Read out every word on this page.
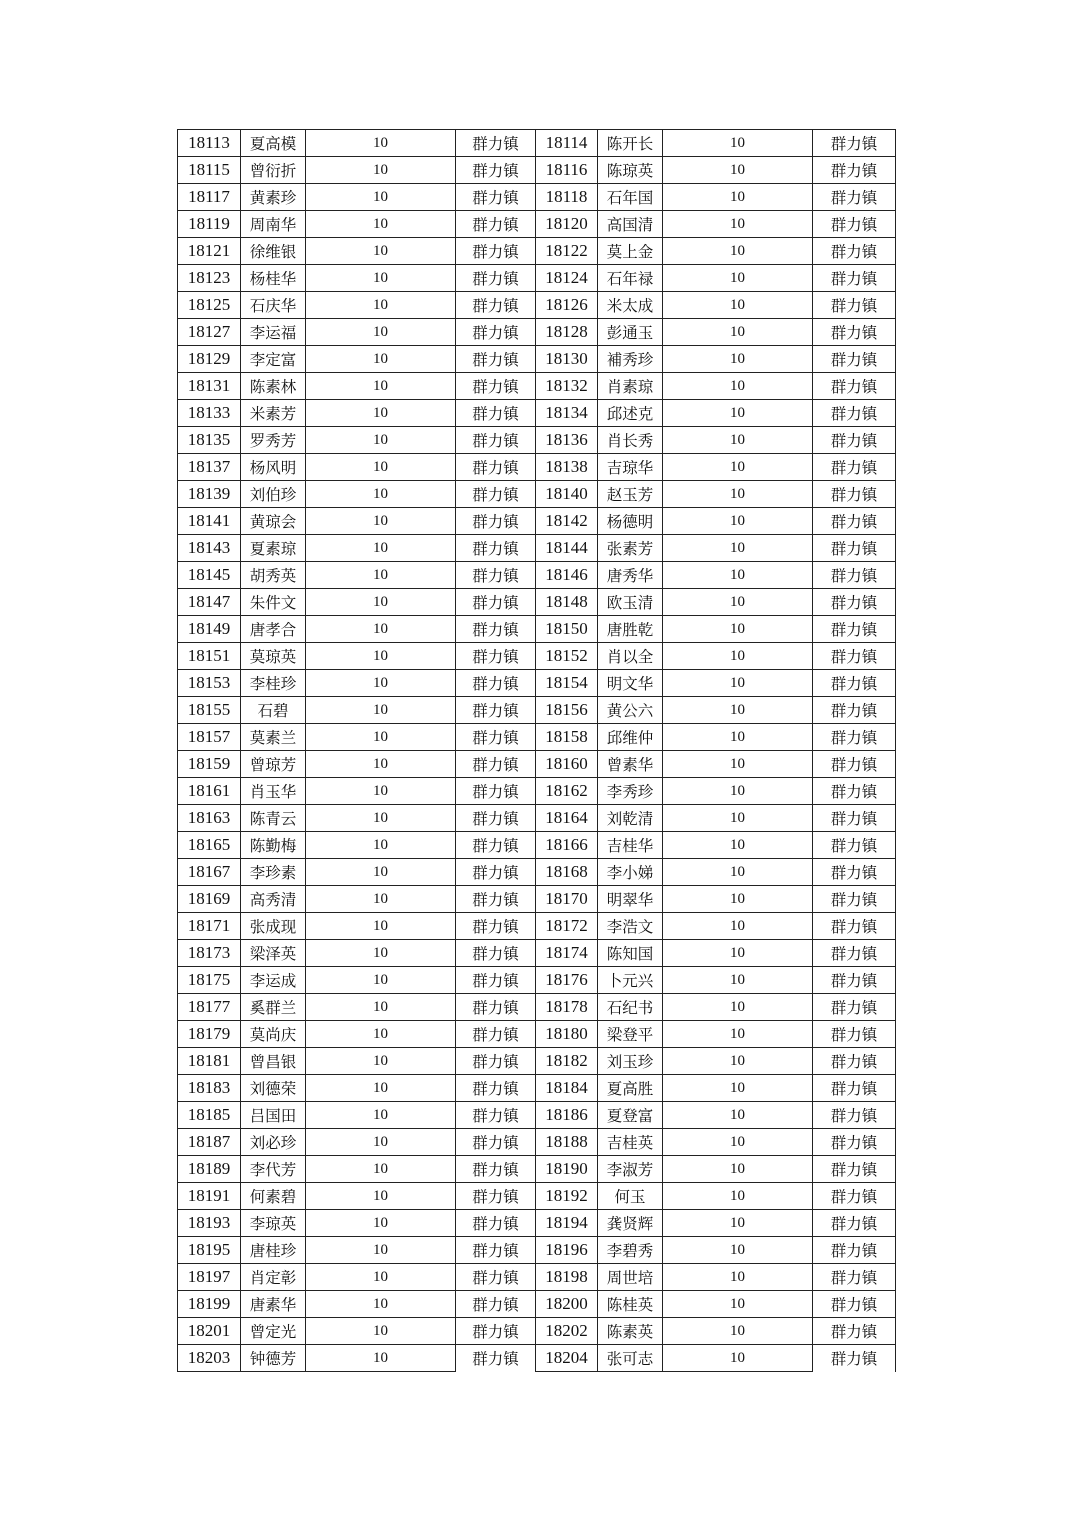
18113	夏高模	10	群力镇	18114	陈开长	10	群力镇
18115	曾衍折	10	群力镇	18116	陈琼英	10	群力镇
18117	黄素珍	10	群力镇	18118	石年国	10	群力镇
18119	周南华	10	群力镇	18120	高国清	10	群力镇
18121	徐维银	10	群力镇	18122	莫上金	10	群力镇
18123	杨桂华	10	群力镇	18124	石年禄	10	群力镇
18125	石庆华	10	群力镇	18126	米太成	10	群力镇
18127	李运福	10	群力镇	18128	彭通玉	10	群力镇
18129	李定富	10	群力镇	18130	補秀珍	10	群力镇
18131	陈素林	10	群力镇	18132	肖素琼	10	群力镇
18133	米素芳	10	群力镇	18134	邱述克	10	群力镇
18135	罗秀芳	10	群力镇	18136	肖长秀	10	群力镇
18137	杨风明	10	群力镇	18138	吉琼华	10	群力镇
18139	刘伯珍	10	群力镇	18140	赵玉芳	10	群力镇
18141	黄琼会	10	群力镇	18142	杨德明	10	群力镇
18143	夏素琼	10	群力镇	18144	张素芳	10	群力镇
18145	胡秀英	10	群力镇	18146	唐秀华	10	群力镇
18147	朱件文	10	群力镇	18148	欧玉清	10	群力镇
18149	唐孝合	10	群力镇	18150	唐胜乾	10	群力镇
18151	莫琼英	10	群力镇	18152	肖以全	10	群力镇
18153	李桂珍	10	群力镇	18154	明文华	10	群力镇
18155	石碧	10	群力镇	18156	黄公六	10	群力镇
18157	莫素兰	10	群力镇	18158	邱维仲	10	群力镇
18159	曾琼芳	10	群力镇	18160	曾素华	10	群力镇
18161	肖玉华	10	群力镇	18162	李秀珍	10	群力镇
18163	陈青云	10	群力镇	18164	刘乾清	10	群力镇
18165	陈勤梅	10	群力镇	18166	吉桂华	10	群力镇
18167	李珍素	10	群力镇	18168	李小娣	10	群力镇
18169	高秀清	10	群力镇	18170	明翠华	10	群力镇
18171	张成现	10	群力镇	18172	李浩文	10	群力镇
18173	梁泽英	10	群力镇	18174	陈知国	10	群力镇
18175	李运成	10	群力镇	18176	卜元兴	10	群力镇
18177	奚群兰	10	群力镇	18178	石纪书	10	群力镇
18179	莫尚庆	10	群力镇	18180	梁登平	10	群力镇
18181	曾昌银	10	群力镇	18182	刘玉珍	10	群力镇
18183	刘德荣	10	群力镇	18184	夏高胜	10	群力镇
18185	吕国田	10	群力镇	18186	夏登富	10	群力镇
18187	刘必珍	10	群力镇	18188	吉桂英	10	群力镇
18189	李代芳	10	群力镇	18190	李淑芳	10	群力镇
18191	何素碧	10	群力镇	18192	何玉	10	群力镇
18193	李琼英	10	群力镇	18194	龚贤辉	10	群力镇
18195	唐桂珍	10	群力镇	18196	李碧秀	10	群力镇
18197	肖定彰	10	群力镇	18198	周世培	10	群力镇
18199	唐素华	10	群力镇	18200	陈桂英	10	群力镇
18201	曾定光	10	群力镇	18202	陈素英	10	群力镇
18203	钟德芳	10	群力镇	18204	张可志	10	群力镇
